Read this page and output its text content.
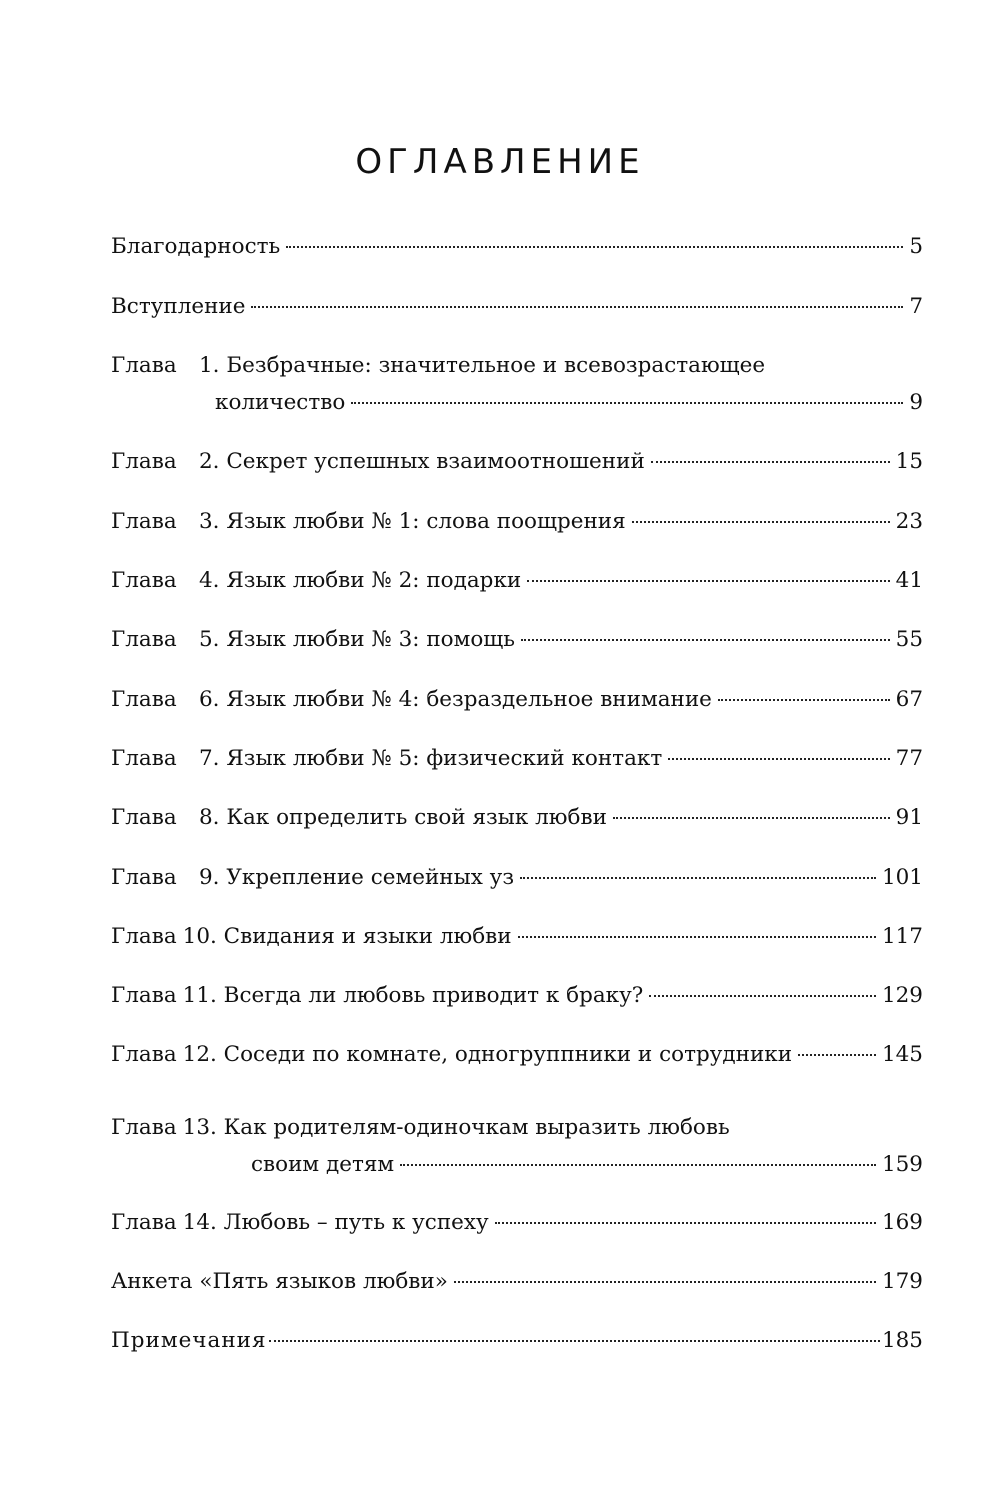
ОГЛАВЛЕНИЕ
Благодарность	5
Вступление	7
Глава	1. Безбрачные: значительное и всевозрастающее
количество	9
Глава	2. Секрет успешных взаимоотношений	15
Глава	3. Язык любви № 1: слова поощрения	23
Глава	4. Язык любви № 2: подарки	41
Глава	5. Язык любви № 3: помощь	55
Глава	6. Язык любви № 4: безраздельное внимание	67
Глава	7. Язык любви № 5: физический контакт	77
Глава	8. Как определить свой язык любви	91
Глава	9. Укрепление семейных уз	101
Глава 10. Свидания и языки любви	117
Глава 11. Всегда ли любовь приводит к браку?	129
Глава 12. Соседи по комнате, одногруппники и сотрудники	145
Глава 13. Как родителям-одиночкам выразить любовь
своим детям	159
Глава 14. Любовь – путь к успеху	169
Анкета «Пять языков любви»	179
Примечания	185
